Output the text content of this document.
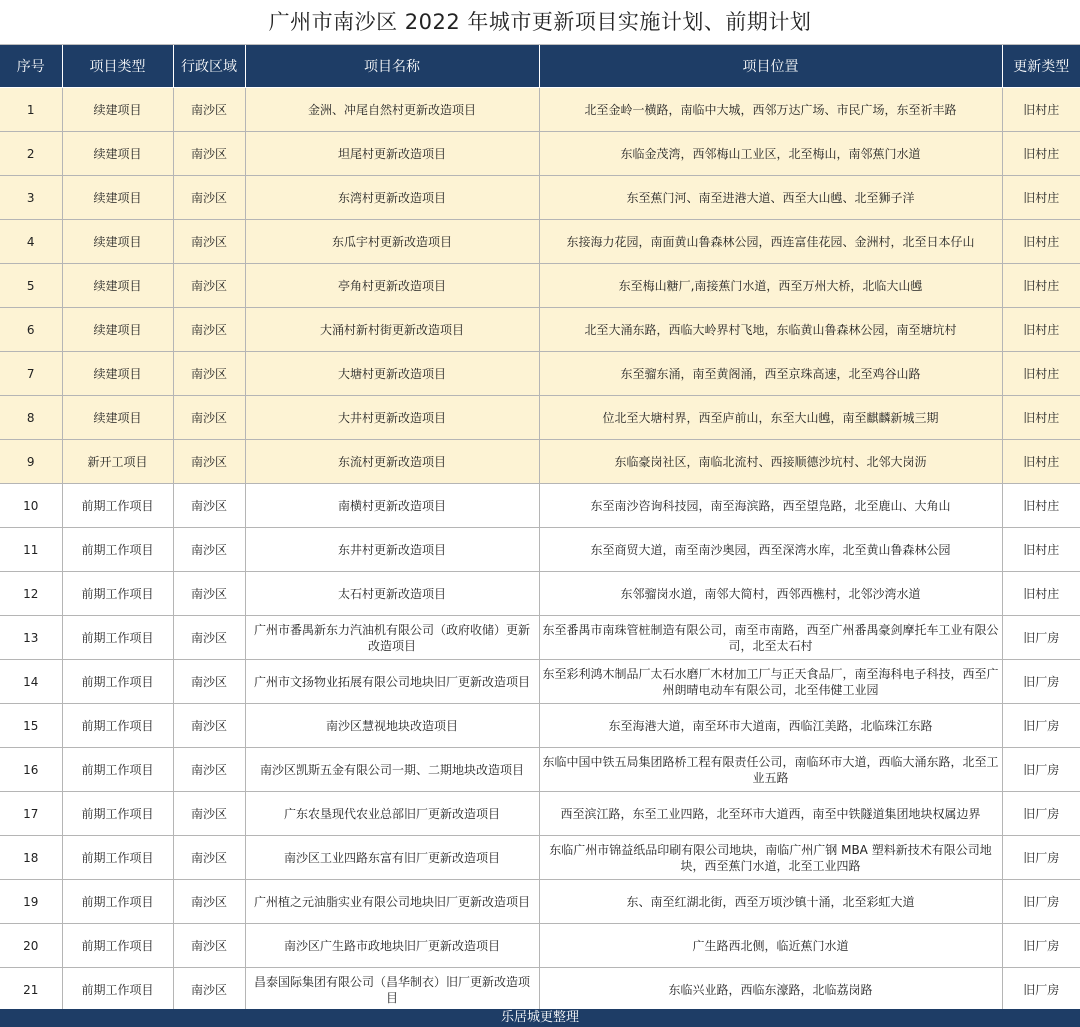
广州市南沙区 2022 年城市更新项目实施计划、前期计划
序号	项目类型	行政区域	项目名称	项目位置	更新类型
1	续建项目	南沙区	金洲、冲尾自然村更新改造项目	北至金岭一横路，南临中大城，西邻万达广场、市民广场，东至祈丰路	旧村庄
2	续建项目	南沙区	坦尾村更新改造项目	东临金茂湾，西邻梅山工业区，北至梅山，南邻蕉门水道	旧村庄
3	续建项目	南沙区	东湾村更新改造项目	东至蕉门河、南至进港大道、西至大山乸、北至狮子洋	旧村庄
4	续建项目	南沙区	东瓜宇村更新改造项目	东接海力花园，南面黄山鲁森林公园，西连富佳花园、金洲村，北至日本仔山	旧村庄
5	续建项目	南沙区	亭角村更新改造项目	东至梅山糖厂,南接蕉门水道，西至万州大桥，北临大山乸	旧村庄
6	续建项目	南沙区	大涌村新村街更新改造项目	北至大涌东路，西临大岭界村飞地，东临黄山鲁森林公园，南至塘坑村	旧村庄
7	续建项目	南沙区	大塘村更新改造项目	东至骝东涌，南至黄阁涌，西至京珠高速，北至鸡谷山路	旧村庄
8	续建项目	南沙区	大井村更新改造项目	位北至大塘村界，西至庐前山，东至大山乸，南至麒麟新城三期	旧村庄
9	新开工项目	南沙区	东流村更新改造项目	东临豪岗社区，南临北流村、西接顺德沙坑村、北邻大岗沥	旧村庄
10	前期工作项目	南沙区	南横村更新改造项目	东至南沙咨询科技园，南至海滨路，西至望凫路，北至鹿山、大角山	旧村庄
11	前期工作项目	南沙区	东井村更新改造项目	东至商贸大道，南至南沙奥园，西至深湾水库，北至黄山鲁森林公园	旧村庄
12	前期工作项目	南沙区	太石村更新改造项目	东邻骝岗水道，南邻大简村，西邻西樵村，北邻沙湾水道	旧村庄
13	前期工作项目	南沙区	广州市番禺新东力汽油机有限公司（政府收储）更新改造项目	东至番禺市南珠管桩制造有限公司，南至市南路，西至广州番禺豪剑摩托车工业有限公司，北至太石村	旧厂房
14	前期工作项目	南沙区	广州市文扬物业拓展有限公司地块旧厂更新改造项目	东至彩利鸿木制品厂太石水磨厂木材加工厂与正天食品厂，南至海科电子科技，西至广州朗晴电动车有限公司，北至伟健工业园	旧厂房
15	前期工作项目	南沙区	南沙区慧视地块改造项目	东至海港大道，南至环市大道南，西临江美路，北临珠江东路	旧厂房
16	前期工作项目	南沙区	南沙区凯斯五金有限公司一期、二期地块改造项目	东临中国中铁五局集团路桥工程有限责任公司，南临环市大道，西临大涌东路，北至工业五路	旧厂房
17	前期工作项目	南沙区	广东农垦现代农业总部旧厂更新改造项目	西至滨江路，东至工业四路，北至环市大道西，南至中铁隧道集团地块权属边界	旧厂房
18	前期工作项目	南沙区	南沙区工业四路东富有旧厂更新改造项目	东临广州市锦益纸品印刷有限公司地块，南临广州广钢 MBA 塑料新技术有限公司地块，西至蕉门水道，北至工业四路	旧厂房
19	前期工作项目	南沙区	广州植之元油脂实业有限公司地块旧厂更新改造项目	东、南至红湖北街，西至万顷沙镇十涌，北至彩虹大道	旧厂房
20	前期工作项目	南沙区	南沙区广生路市政地块旧厂更新改造项目	广生路西北侧，临近蕉门水道	旧厂房
21	前期工作项目	南沙区	昌泰国际集团有限公司（昌华制衣）旧厂更新改造项目	东临兴业路，西临东濠路，北临荔岗路	旧厂房
乐居城更整理
